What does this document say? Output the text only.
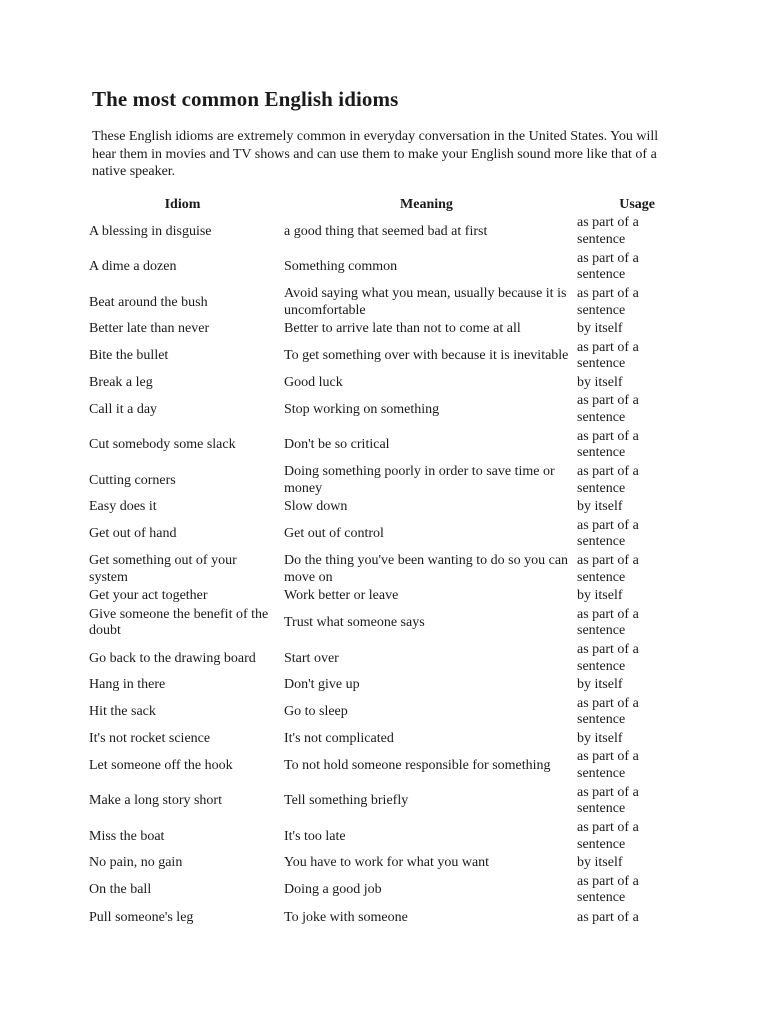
The most common English idioms

These English idioms are extremely common in everyday conversation in the United States. You will hear them in movies and TV shows and can use them to make your English sound more like that of a native speaker.

Idiom	Meaning	Usage
A blessing in disguise	a good thing that seemed bad at first	as part of a sentence
A dime a dozen	Something common	as part of a sentence
Beat around the bush	Avoid saying what you mean, usually because it is uncomfortable	as part of a sentence
Better late than never	Better to arrive late than not to come at all	by itself
Bite the bullet	To get something over with because it is inevitable	as part of a sentence
Break a leg	Good luck	by itself
Call it a day	Stop working on something	as part of a sentence
Cut somebody some slack	Don't be so critical	as part of a sentence
Cutting corners	Doing something poorly in order to save time or money	as part of a sentence
Easy does it	Slow down	by itself
Get out of hand	Get out of control	as part of a sentence
Get something out of your system	Do the thing you've been wanting to do so you can move on	as part of a sentence
Get your act together	Work better or leave	by itself
Give someone the benefit of the doubt	Trust what someone says	as part of a sentence
Go back to the drawing board	Start over	as part of a sentence
Hang in there	Don't give up	by itself
Hit the sack	Go to sleep	as part of a sentence
It's not rocket science	It's not complicated	by itself
Let someone off the hook	To not hold someone responsible for something	as part of a sentence
Make a long story short	Tell something briefly	as part of a sentence
Miss the boat	It's too late	as part of a sentence
No pain, no gain	You have to work for what you want	by itself
On the ball	Doing a good job	as part of a sentence
Pull someone's leg	To joke with someone	as part of a
